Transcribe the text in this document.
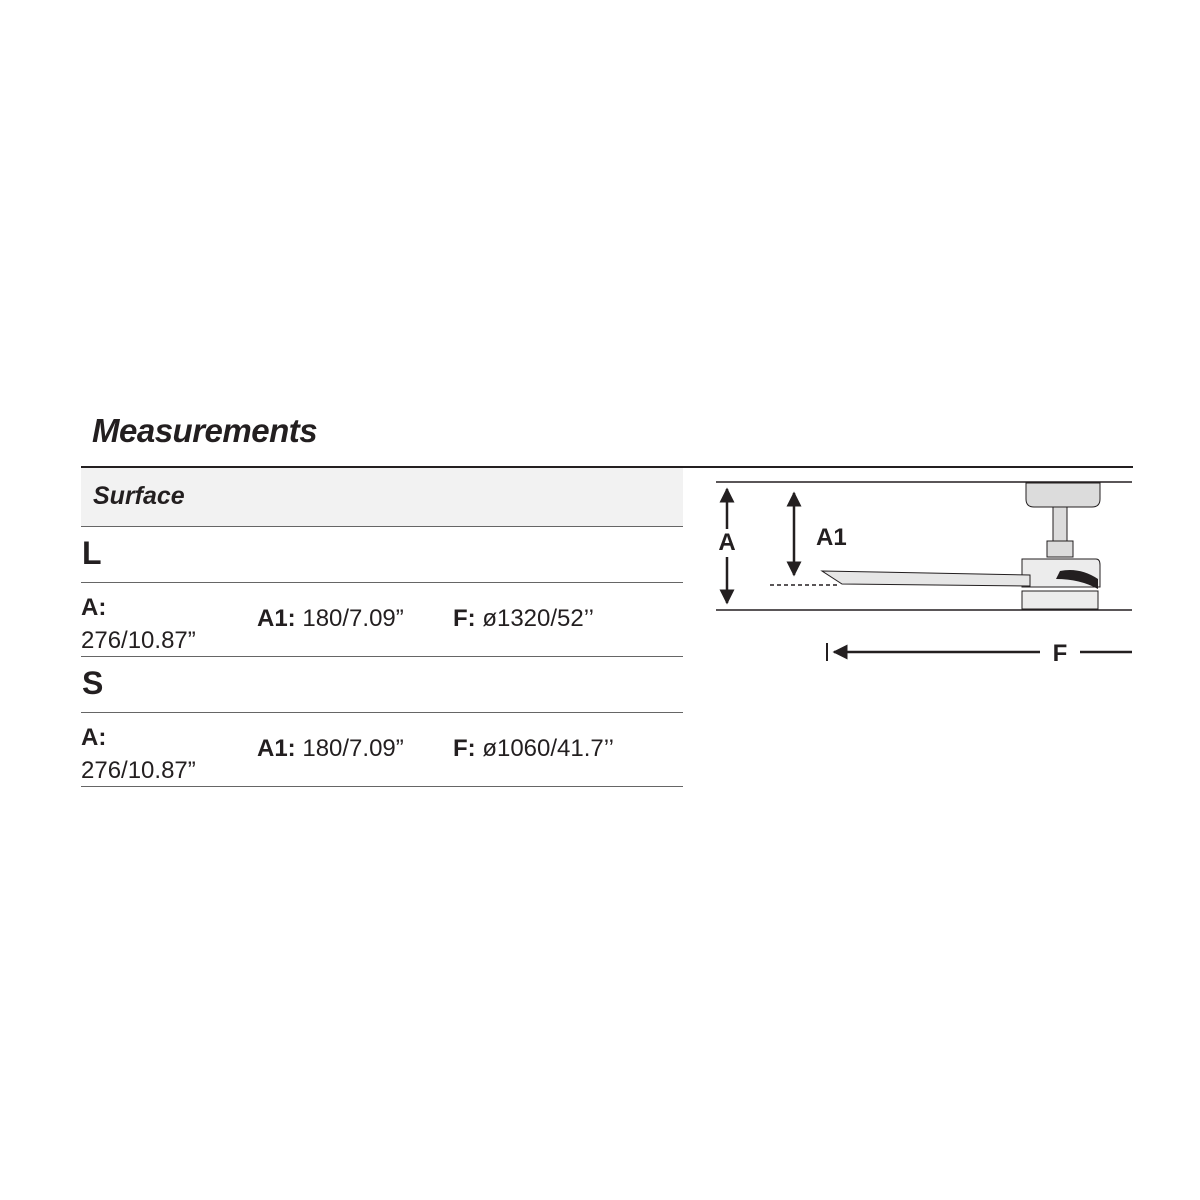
Measurements
Surface
L
A:
276/10.87”
A1: 180/7.09” F: ø1320/52’’
S
A:
276/10.87”
A1: 180/7.09” F: ø1060/41.7’’
A	A1
F
